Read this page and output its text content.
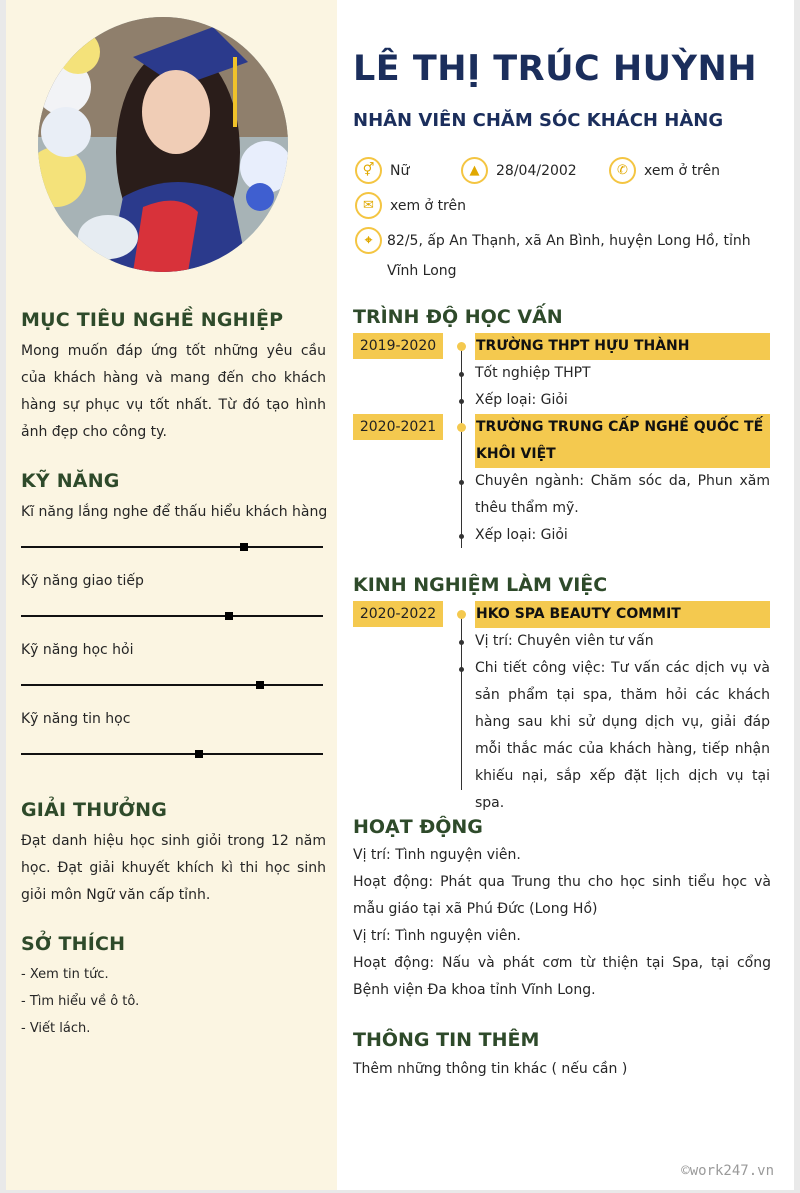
MỤC TIÊU NGHỀ NGHIỆP
Mong muốn đáp ứng tốt những yêu cầu của khách hàng và mang đến cho khách hàng sự phục vụ tốt nhất. Từ đó tạo hình ảnh đẹp cho công ty.
KỸ NĂNG
Kĩ năng lắng nghe để thấu hiểu khách hàng
Kỹ năng giao tiếp
Kỹ năng học hỏi
Kỹ năng tin học
GIẢI THƯỞNG
Đạt danh hiệu học sinh giỏi trong 12 năm học. Đạt giải khuyết khích kì thi học sinh giỏi môn Ngữ văn cấp tỉnh.
SỞ THÍCH
- Xem tin tức.
- Tìm hiểu về ô tô.
- Viết lách.
LÊ THỊ TRÚC HUỲNH
NHÂN VIÊN CHĂM SÓC KHÁCH HÀNG
⚥	Nữ	▲	28/04/2002	✆	xem ở trên
✉	xem ở trên
⌖	82/5, ấp An Thạnh, xã An Bình, huyện Long Hồ, tỉnh Vĩnh Long
TRÌNH ĐỘ HỌC VẤN
2019-2020	TRƯỜNG THPT HỰU THÀNH
Tốt nghiệp THPT
Xếp loại: Giỏi
2020-2021	TRƯỜNG TRUNG CẤP NGHỀ QUỐC TẾ KHÔI VIỆT
Chuyên ngành: Chăm sóc da, Phun xăm thêu thẩm mỹ.
Xếp loại: Giỏi
KINH NGHIỆM LÀM VIỆC
2020-2022	HKO SPA BEAUTY COMMIT
Vị trí: Chuyên viên tư vấn
Chi tiết công việc: Tư vấn các dịch vụ và sản phẩm tại spa, thăm hỏi các khách hàng sau khi sử dụng dịch vụ, giải đáp mỗi thắc mác của khách hàng, tiếp nhận khiếu nại, sắp xếp đặt lịch dịch vụ tại spa.
HOẠT ĐỘNG
Vị trí: Tình nguyện viên.
Hoạt động: Phát qua Trung thu cho học sinh tiểu học và mẫu giáo tại xã Phú Đức (Long Hồ)
Vị trí: Tình nguyện viên.
Hoạt động: Nấu và phát cơm từ thiện tại Spa, tại cổng Bệnh viện Đa khoa tỉnh Vĩnh Long.
THÔNG TIN THÊM
Thêm những thông tin khác ( nếu cần )
©work247.vn
